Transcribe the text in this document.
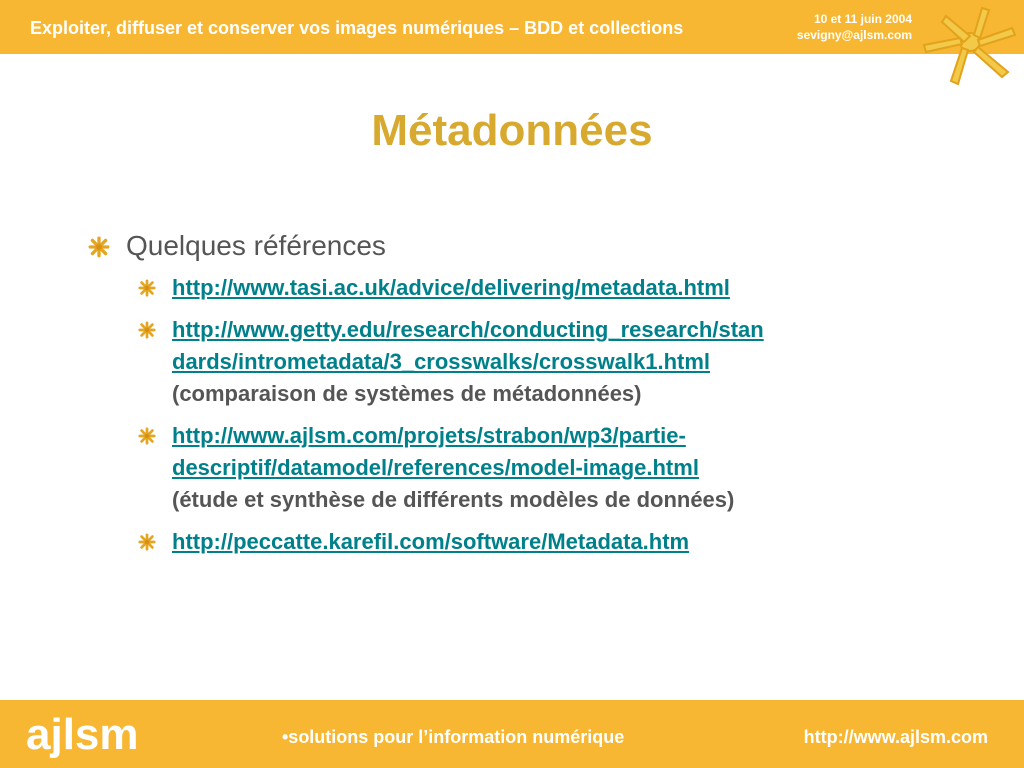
Exploiter, diffuser et conserver vos images numériques – BDD et collections	10 et 11 juin 2004
sevigny@ajlsm.com
Métadonnées
Quelques références
http://www.tasi.ac.uk/advice/delivering/metadata.html
http://www.getty.edu/research/conducting_research/stan
dards/intrometadata/3_crosswalks/crosswalk1.html
(comparaison de systèmes de métadonnées)
http://www.ajlsm.com/projets/strabon/wp3/partie-
descriptif/datamodel/references/model-image.html
(étude et synthèse de différents modèles de données)
http://peccatte.karefil.com/software/Metadata.htm
ajlsm	•solutions pour l’information numérique	http://www.ajlsm.com
